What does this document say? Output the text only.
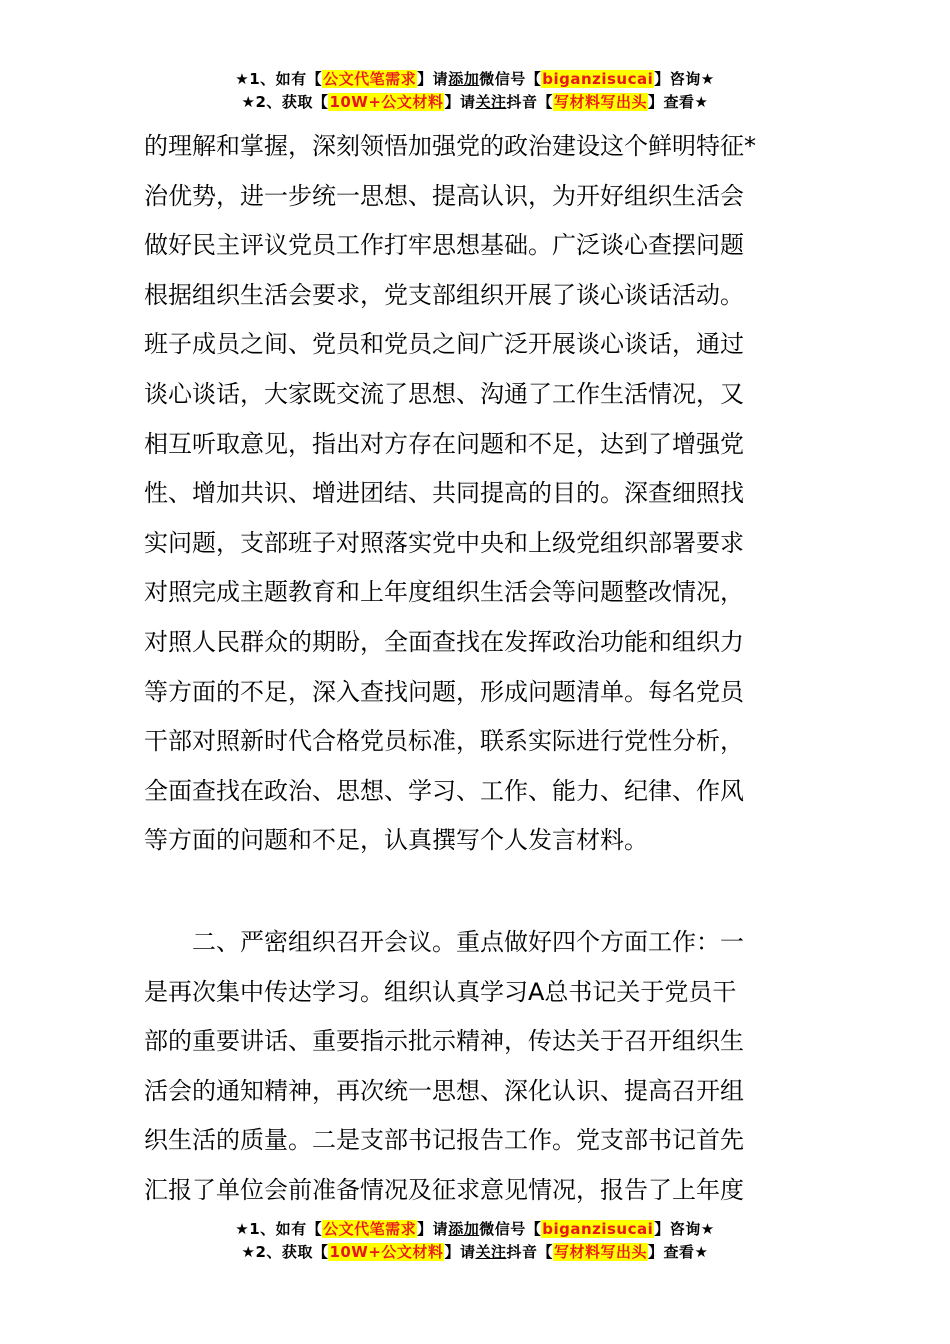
★1、如有【公文代笔需求】请添加微信号【biganzisucai】咨询★
★2、获取【10W+公文材料】请关注抖音【写材料写出头】查看★
的理解和掌握，深刻领悟加强党的政治建设这个鲜明特征*
治优势，进一步统一思想、提高认识，为开好组织生活会
做好民主评议党员工作打牢思想基础。广泛谈心查摆问题
根据组织生活会要求，党支部组织开展了谈心谈话活动。
班子成员之间、党员和党员之间广泛开展谈心谈话，通过
谈心谈话，大家既交流了思想、沟通了工作生活情况，又
相互听取意见，指出对方存在问题和不足，达到了增强党
性、增加共识、增进团结、共同提高的目的。深查细照找
实问题，支部班子对照落实党中央和上级党组织部署要求
对照完成主题教育和上年度组织生活会等问题整改情况，
对照人民群众的期盼，全面查找在发挥政治功能和组织力
等方面的不足，深入查找问题，形成问题清单。每名党员
干部对照新时代合格党员标准，联系实际进行党性分析，
全面查找在政治、思想、学习、工作、能力、纪律、作风
等方面的问题和不足，认真撰写个人发言材料。
二、严密组织召开会议。重点做好四个方面工作：一
是再次集中传达学习。组织认真学习A总书记关于党员干
部的重要讲话、重要指示批示精神，传达关于召开组织生
活会的通知精神，再次统一思想、深化认识、提高召开组
织生活的质量。二是支部书记报告工作。党支部书记首先
汇报了单位会前准备情况及征求意见情况，报告了上年度
★1、如有【公文代笔需求】请添加微信号【biganzisucai】咨询★
★2、获取【10W+公文材料】请关注抖音【写材料写出头】查看★
